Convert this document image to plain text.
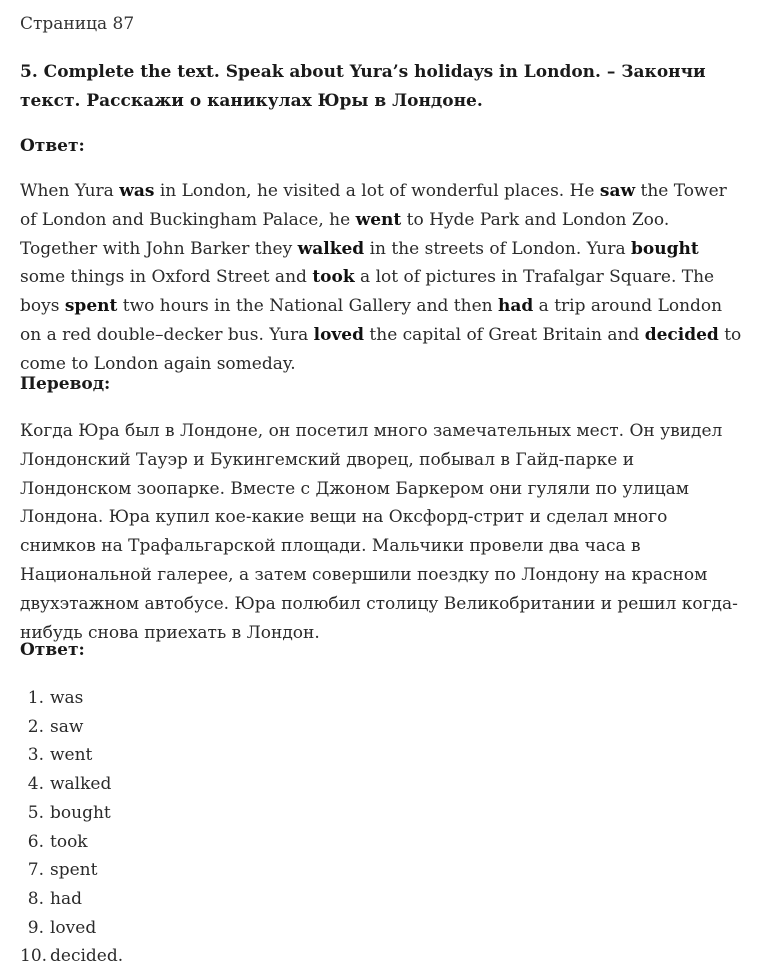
Страница 87

5. Complete the text. Speak about Yura’s holidays in London. – Закончи текст. Расскажи о каникулах Юры в Лондоне.

Ответ:

When Yura was in London, he visited a lot of wonderful places. He saw the Tower of London and Buckingham Palace, he went to Hyde Park and London Zoo. Together with John Barker they walked in the streets of London. Yura bought some things in Oxford Street and took a lot of pictures in Trafalgar Square. The boys spent two hours in the National Gallery and then had a trip around London on a red double–decker bus. Yura loved the capital of Great Britain and decided to come to London again someday.

Перевод:

Когда Юра был в Лондоне, он посетил много замечательных мест. Он увидел Лондонский Тауэр и Букингемский дворец, побывал в Гайд-парке и Лондонском зоопарке. Вместе с Джоном Баркером они гуляли по улицам Лондона. Юра купил кое-какие вещи на Оксфорд-стрит и сделал много снимков на Трафальгарской площади. Мальчики провели два часа в Национальной галерее, а затем совершили поездку по Лондону на красном двухэтажном автобусе. Юра полюбил столицу Великобритании и решил когда-нибудь снова приехать в Лондон.

Ответ:

1. was
2. saw
3. went
4. walked
5. bought
6. took
7. spent
8. had
9. loved
10. decided.
